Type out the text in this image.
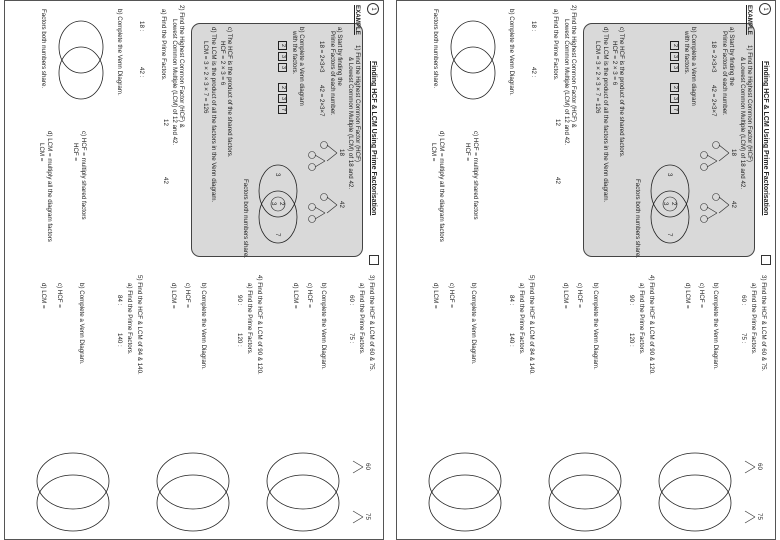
1
Finding HCF & LCM Using Prime Factorisation
EXAMPLE
1) Find the Highest Common Factor (HCF)
& Lowest Common Multiple (LCM) of 18 and 42.
a) Start by finding the
Prime Factors of each number.
18
42
18 = 2×3×3
42 = 2×3×7
b) Complete a Venn diagram
with the factors.
233
237
3
2
3
7
Factors both numbers share.
c) The HCF is the product of the shared factors.
HCF = 2 × 3 = 6
d) The LCM is the product of all the factors in the Venn diagram.
LCM = 3 × 2 × 3 × 7 = 126
2) Find the Highest Common Factor (HCF) &
Lowest Common Multiple (LCM) of 12 and 42.
a) Find the Prime Factors.
12
42
18 :
42 :
b) Complete the Venn Diagram.
Factors both numbers share.
c) HCF = multiply shared factors
HCF =
d) LCM = multiply all the diagram factors
LCM =
3) Find the HCF & LCM of 60 & 75.
a) Find the Prime Factors.
60 :
75 :
b) Complete the Venn Diagram.
c) HCF =
d) LCM =
60
75
4) Find the HCF & LCM of 90 & 120.
a) Find the Prime Factors.
90 :
120 :
b) Complete the Venn Diagram.
c) HCF =
d) LCM =
5) Find the HCF & LCM of 84 & 140.
a) Find the Prime Factors.
84 :
140 :
b) Complete a Venn Diagram.
c) HCF =
d) LCM =
1
Finding HCF & LCM Using Prime Factorisation
EXAMPLE
1) Find the Highest Common Factor (HCF)
& Lowest Common Multiple (LCM) of 18 and 42.
a) Start by finding the
Prime Factors of each number.
18
42
18 = 2×3×3
42 = 2×3×7
b) Complete a Venn diagram
with the factors.
233
237
3
2
3
7
Factors both numbers share.
c) The HCF is the product of the shared factors.
HCF = 2 × 3 = 6
d) The LCM is the product of all the factors in the Venn diagram.
LCM = 3 × 2 × 3 × 7 = 126
2) Find the Highest Common Factor (HCF) &
Lowest Common Multiple (LCM) of 12 and 42.
a) Find the Prime Factors.
12
42
18 :
42 :
b) Complete the Venn Diagram.
Factors both numbers share.
c) HCF = multiply shared factors
HCF =
d) LCM = multiply all the diagram factors
LCM =
3) Find the HCF & LCM of 60 & 75.
a) Find the Prime Factors.
60 :
75 :
b) Complete the Venn Diagram.
c) HCF =
d) LCM =
60
75
4) Find the HCF & LCM of 90 & 120.
a) Find the Prime Factors.
90 :
120 :
b) Complete the Venn Diagram.
c) HCF =
d) LCM =
5) Find the HCF & LCM of 84 & 140.
a) Find the Prime Factors.
84 :
140 :
b) Complete a Venn Diagram.
c) HCF =
d) LCM =
